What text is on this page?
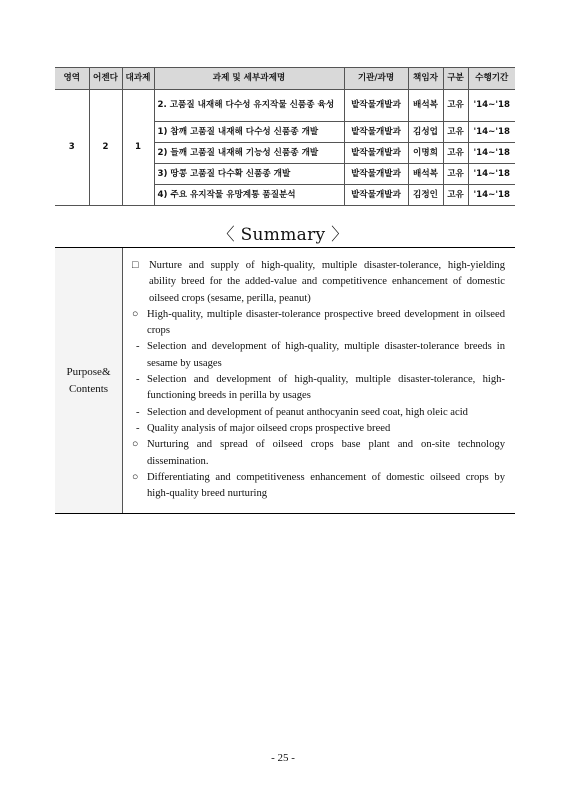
영역	어젠다	대과제	과제 및 세부과제명	기관/과명	책임자	구분	수행기간
3	2	1	2. 고품질 내재해 다수성 유지작물 신품종 육성	밭작물개발과	배석복	고유	'14~'18
			1) 참깨 고품질 내재해 다수성 신품종 개발	밭작물개발과	김성업	고유	'14~'18
			2) 들깨 고품질 내재해 기능성 신품종 개발	밭작물개발과	이명희	고유	'14~'18
			3) 땅콩 고품질 다수확 신품종 개발	밭작물개발과	배석복	고유	'14~'18
			4) 주요 유지작물 유망계통 품질분석	밭작물개발과	김정인	고유	'14~'18
〈 Summary 〉
Purpose& Contents
□ Nurture and supply of high-quality, multiple disaster-tolerance, high-yielding ability breed for the added-value and competitivence enhancement of domestic oilseed crops (sesame, perilla, peanut)
○ High-quality, multiple disaster-tolerance prospective breed development in oilseed crops
- Selection and development of high-quality, multiple disaster-tolerance breeds in sesame by usages
- Selection and development of high-quality, multiple disaster-tolerance, high-functioning breeds in perilla by usages
- Selection and development of peanut anthocyanin seed coat, high oleic acid
- Quality analysis of major oilseed crops prospective breed
○ Nurturing and spread of oilseed crops base plant and on-site technology dissemination.
○ Differentiating and competitiveness enhancement of domestic oilseed crops by high-quality breed nurturing
- 25 -
